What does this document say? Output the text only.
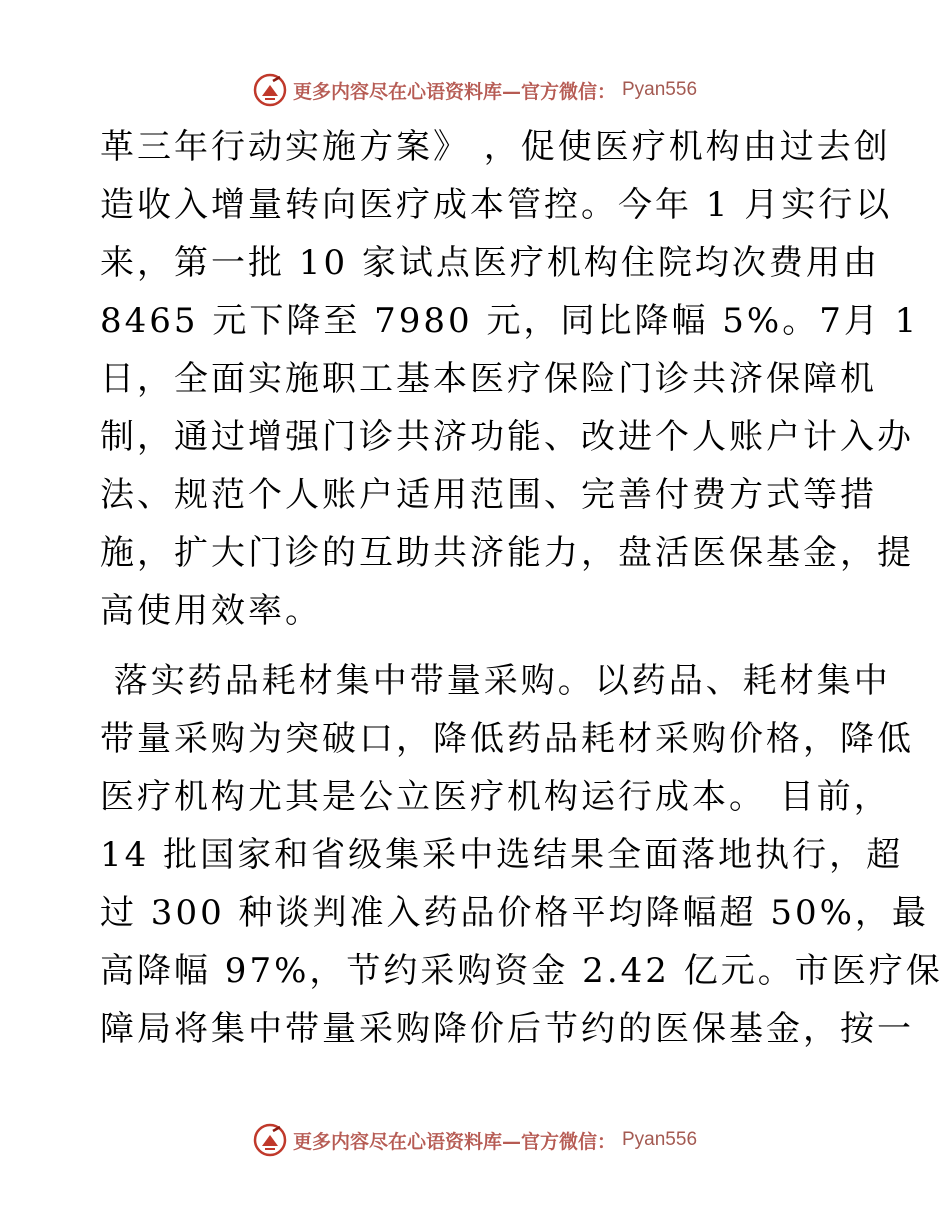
更多内容尽在心语资料库—官方微信： Pyan556

革三年行动实施方案》 ，促使医疗机构由过去创
造收入增量转向医疗成本管控。今年 1 月实行以
来，第一批 10 家试点医疗机构住院均次费用由
8465 元下降至 7980 元，同比降幅 5%。7月 1
日，全面实施职工基本医疗保险门诊共济保障机
制，通过增强门诊共济功能、改进个人账户计入办
法、规范个人账户适用范围、完善付费方式等措
施，扩大门诊的互助共济能力，盘活医保基金，提
高使用效率。

落实药品耗材集中带量采购。以药品、耗材集中
带量采购为突破口，降低药品耗材采购价格，降低
医疗机构尤其是公立医疗机构运行成本。 目前，
14 批国家和省级集采中选结果全面落地执行，超
过 300 种谈判准入药品价格平均降幅超 50%，最
高降幅 97%，节约采购资金 2.42 亿元。市医疗保
障局将集中带量采购降价后节约的医保基金，按一

更多内容尽在心语资料库—官方微信： Pyan556
